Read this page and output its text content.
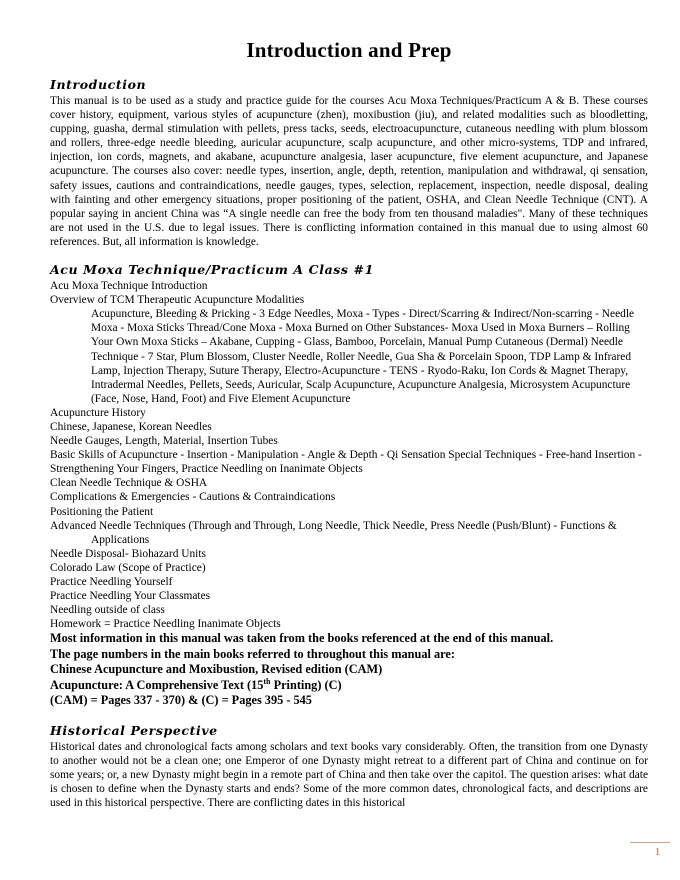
Introduction and Prep
Introduction

This manual is to be used as a study and practice guide for the courses Acu Moxa Techniques/Practicum A & B. These courses cover history, equipment, various styles of acupuncture (zhen), moxibustion (jiu), and related modalities such as bloodletting, cupping, guasha, dermal stimulation with pellets, press tacks, seeds, electroacupuncture, cutaneous needling with plum blossom and rollers, three-edge needle bleeding, auricular acupuncture, scalp acupuncture, and other micro-systems, TDP and infrared, injection, ion cords, magnets, and akabane, acupuncture analgesia, laser acupuncture, five element acupuncture, and Japanese acupuncture. The courses also cover: needle types, insertion, angle, depth, retention, manipulation and withdrawal, qi sensation, safety issues, cautions and contraindications, needle gauges, types, selection, replacement, inspection, needle disposal, dealing with fainting and other emergency situations, proper positioning of the patient, OSHA, and Clean Needle Technique (CNT). A popular saying in ancient China was “A single needle can free the body from ten thousand maladies". Many of these techniques are not used in the U.S. due to legal issues. There is conflicting information contained in this manual due to using almost 60 references. But, all information is knowledge.

Acu Moxa Technique/Practicum A Class #1
Acu Moxa Technique Introduction
Overview of TCM Therapeutic Acupuncture Modalities
Acupuncture, Bleeding & Pricking - 3 Edge Needles, Moxa - Types - Direct/Scarring & Indirect/Non-scarring - Needle Moxa - Moxa Sticks Thread/Cone Moxa - Moxa Burned on Other Substances- Moxa Used in Moxa Burners – Rolling Your Own Moxa Sticks – Akabane, Cupping - Glass, Bamboo, Porcelain, Manual Pump Cutaneous (Dermal) Needle Technique - 7 Star, Plum Blossom, Cluster Needle, Roller Needle, Gua Sha & Porcelain Spoon, TDP Lamp & Infrared Lamp, Injection Therapy, Suture Therapy, Electro-Acupuncture - TENS - Ryodo-Raku, Ion Cords & Magnet Therapy, Intradermal Needles, Pellets, Seeds, Auricular, Scalp Acupuncture, Acupuncture Analgesia, Microsystem Acupuncture (Face, Nose, Hand, Foot) and Five Element Acupuncture
Acupuncture History
Chinese, Japanese, Korean Needles
Needle Gauges, Length, Material, Insertion Tubes
Basic Skills of Acupuncture - Insertion - Manipulation - Angle & Depth - Qi Sensation Special Techniques - Free-hand Insertion - Strengthening Your Fingers, Practice Needling on Inanimate Objects
Clean Needle Technique & OSHA
Complications & Emergencies - Cautions & Contraindications
Positioning the Patient
Advanced Needle Techniques (Through and Through, Long Needle, Thick Needle, Press Needle (Push/Blunt) - Functions & Applications
Needle Disposal- Biohazard Units
Colorado Law (Scope of Practice)
Practice Needling Yourself
Practice Needling Your Classmates
Needling outside of class
Homework = Practice Needling Inanimate Objects
Most information in this manual was taken from the books referenced at the end of this manual.
The page numbers in the main books referred to throughout this manual are:
Chinese Acupuncture and Moxibustion, Revised edition (CAM)
Acupuncture: A Comprehensive Text (15th Printing) (C)
(CAM) = Pages 337 - 370) & (C) = Pages 395 - 545
Historical Perspective

Historical dates and chronological facts among scholars and text books vary considerably. Often, the transition from one Dynasty to another would not be a clean one; one Emperor of one Dynasty might retreat to a different part of China and continue on for some years; or, a new Dynasty might begin in a remote part of China and then take over the capitol. The question arises: what date is chosen to define when the Dynasty starts and ends? Some of the more common dates, chronological facts, and descriptions are used in this historical perspective. There are conflicting dates in this historical

1
